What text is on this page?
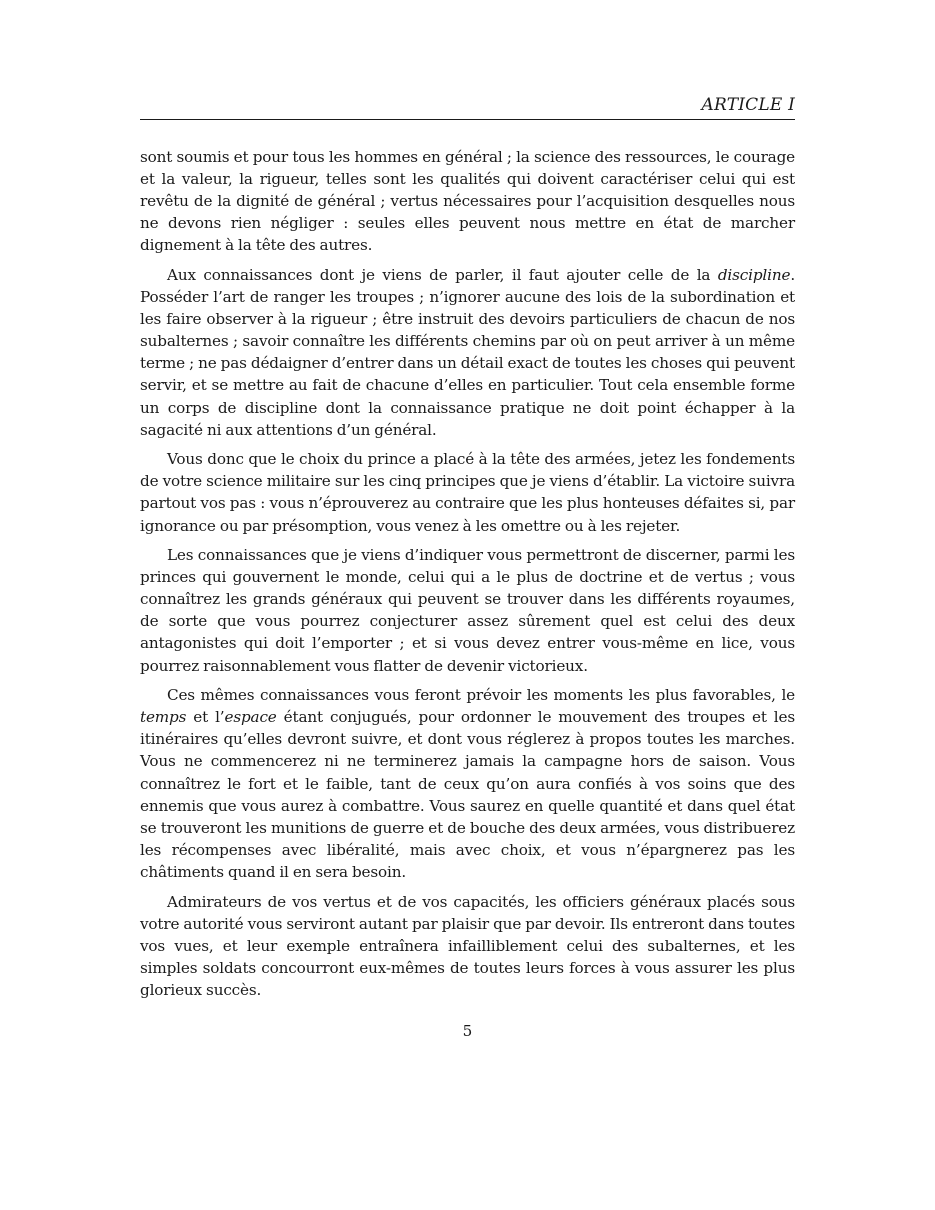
ARTICLE I

sont soumis et pour tous les hommes en général ; la science des ressources, le courage et la valeur, la rigueur, telles sont les qualités qui doivent caractériser celui qui est revêtu de la dignité de général ; vertus nécessaires pour l’acquisition desquelles nous ne devons rien négliger : seules elles peuvent nous mettre en état de marcher dignement à la tête des autres.

Aux connaissances dont je viens de parler, il faut ajouter celle de la discipline. Posséder l’art de ranger les troupes ; n’ignorer aucune des lois de la subordination et les faire observer à la rigueur ; être instruit des devoirs particuliers de chacun de nos subalternes ; savoir connaître les différents chemins par où on peut arriver à un même terme ; ne pas dédaigner d’entrer dans un détail exact de toutes les choses qui peuvent servir, et se mettre au fait de chacune d’elles en particulier. Tout cela ensemble forme un corps de discipline dont la connaissance pratique ne doit point échapper à la sagacité ni aux attentions d’un général.

Vous donc que le choix du prince a placé à la tête des armées, jetez les fondements de votre science militaire sur les cinq principes que je viens d’établir. La victoire suivra partout vos pas : vous n’éprouverez au contraire que les plus honteuses défaites si, par ignorance ou par présomption, vous venez à les omettre ou à les rejeter.

Les connaissances que je viens d’indiquer vous permettront de discerner, parmi les princes qui gouvernent le monde, celui qui a le plus de doctrine et de vertus ; vous connaîtrez les grands généraux qui peuvent se trouver dans les différents royaumes, de sorte que vous pourrez conjecturer assez sûrement quel est celui des deux antagonistes qui doit l’emporter ; et si vous devez entrer vous-même en lice, vous pourrez raisonnablement vous flatter de devenir victorieux.

Ces mêmes connaissances vous feront prévoir les moments les plus favorables, le temps et l’espace étant conjugués, pour ordonner le mouvement des troupes et les itinéraires qu’elles devront suivre, et dont vous réglerez à propos toutes les marches. Vous ne commencerez ni ne terminerez jamais la campagne hors de saison. Vous connaîtrez le fort et le faible, tant de ceux qu’on aura confiés à vos soins que des ennemis que vous aurez à combattre. Vous saurez en quelle quantité et dans quel état se trouveront les munitions de guerre et de bouche des deux armées, vous distribuerez les récompenses avec libéralité, mais avec choix, et vous n’épargnerez pas les châtiments quand il en sera besoin.

Admirateurs de vos vertus et de vos capacités, les officiers généraux placés sous votre autorité vous serviront autant par plaisir que par devoir. Ils entreront dans toutes vos vues, et leur exemple entraînera infailliblement celui des subalternes, et les simples soldats concourront eux-mêmes de toutes leurs forces à vous assurer les plus glorieux succès.

5
